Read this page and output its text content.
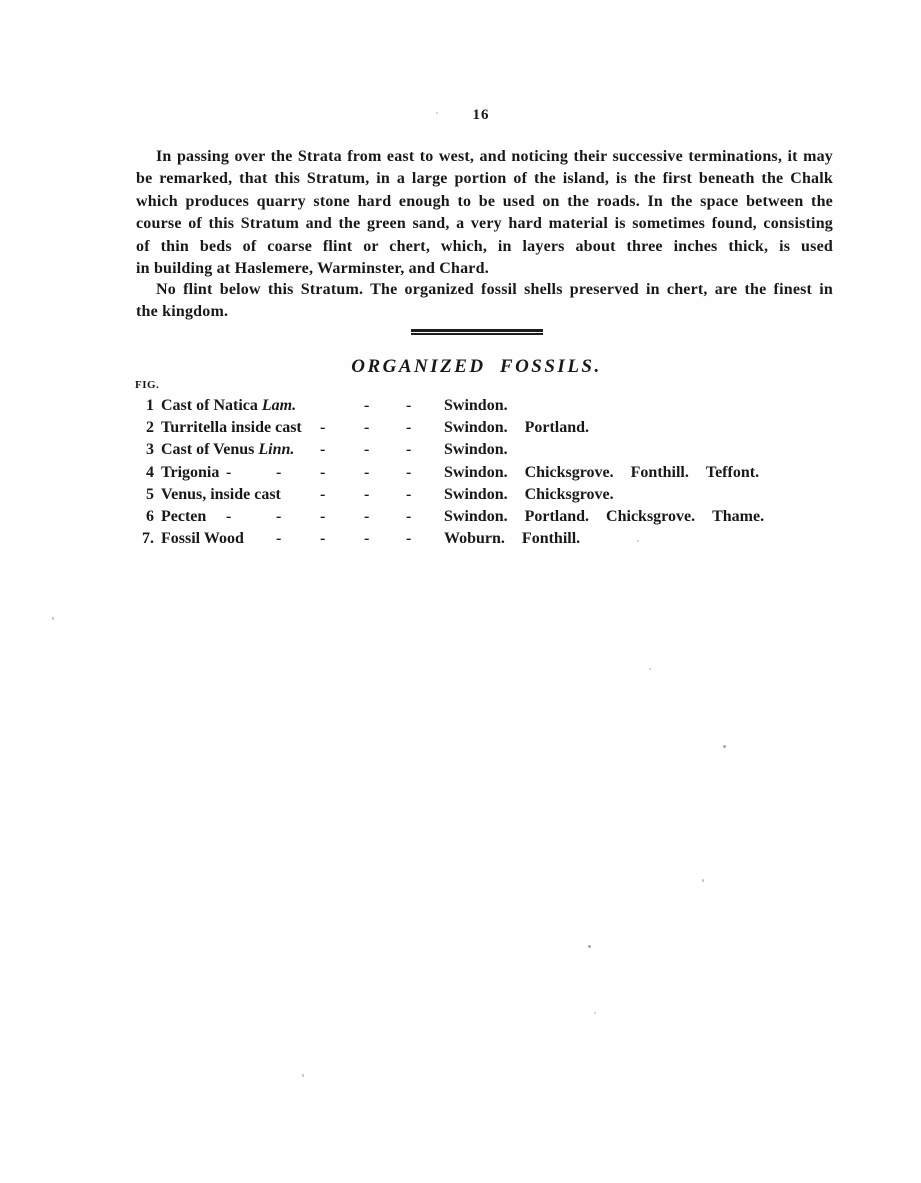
16
In passing over the Strata from east to west, and noticing their successive terminations, it may
be remarked, that this Stratum, in a large portion of the island, is the first beneath the Chalk
which produces quarry stone hard enough to be used on the roads. In the space between the
course of this Stratum and the green sand, a very hard material is sometimes found, consisting
of thin beds of coarse flint or chert, which, in layers about three inches thick, is used
in building at Haslemere, Warminster, and Chard.
No flint below this Stratum. The organized fossil shells preserved in chert, are the finest in
the kingdom.
ORGANIZED FOSSILS.
FIG.
1 Cast of Natica Lam.	- - Swindon.
2 Turritella inside cast - - - Swindon. Portland.
3 Cast of Venus Linn. - - - Swindon.
4 Trigonia -	- - - - Swindon. Chicksgrove. Fonthill. Teffont.
5 Venus, inside cast - - - Swindon. Chicksgrove.
6 Pecten -	- - - - Swindon. Portland. Chicksgrove. Thame.
7. Fossil Wood - - - - Woburn. Fonthill.
